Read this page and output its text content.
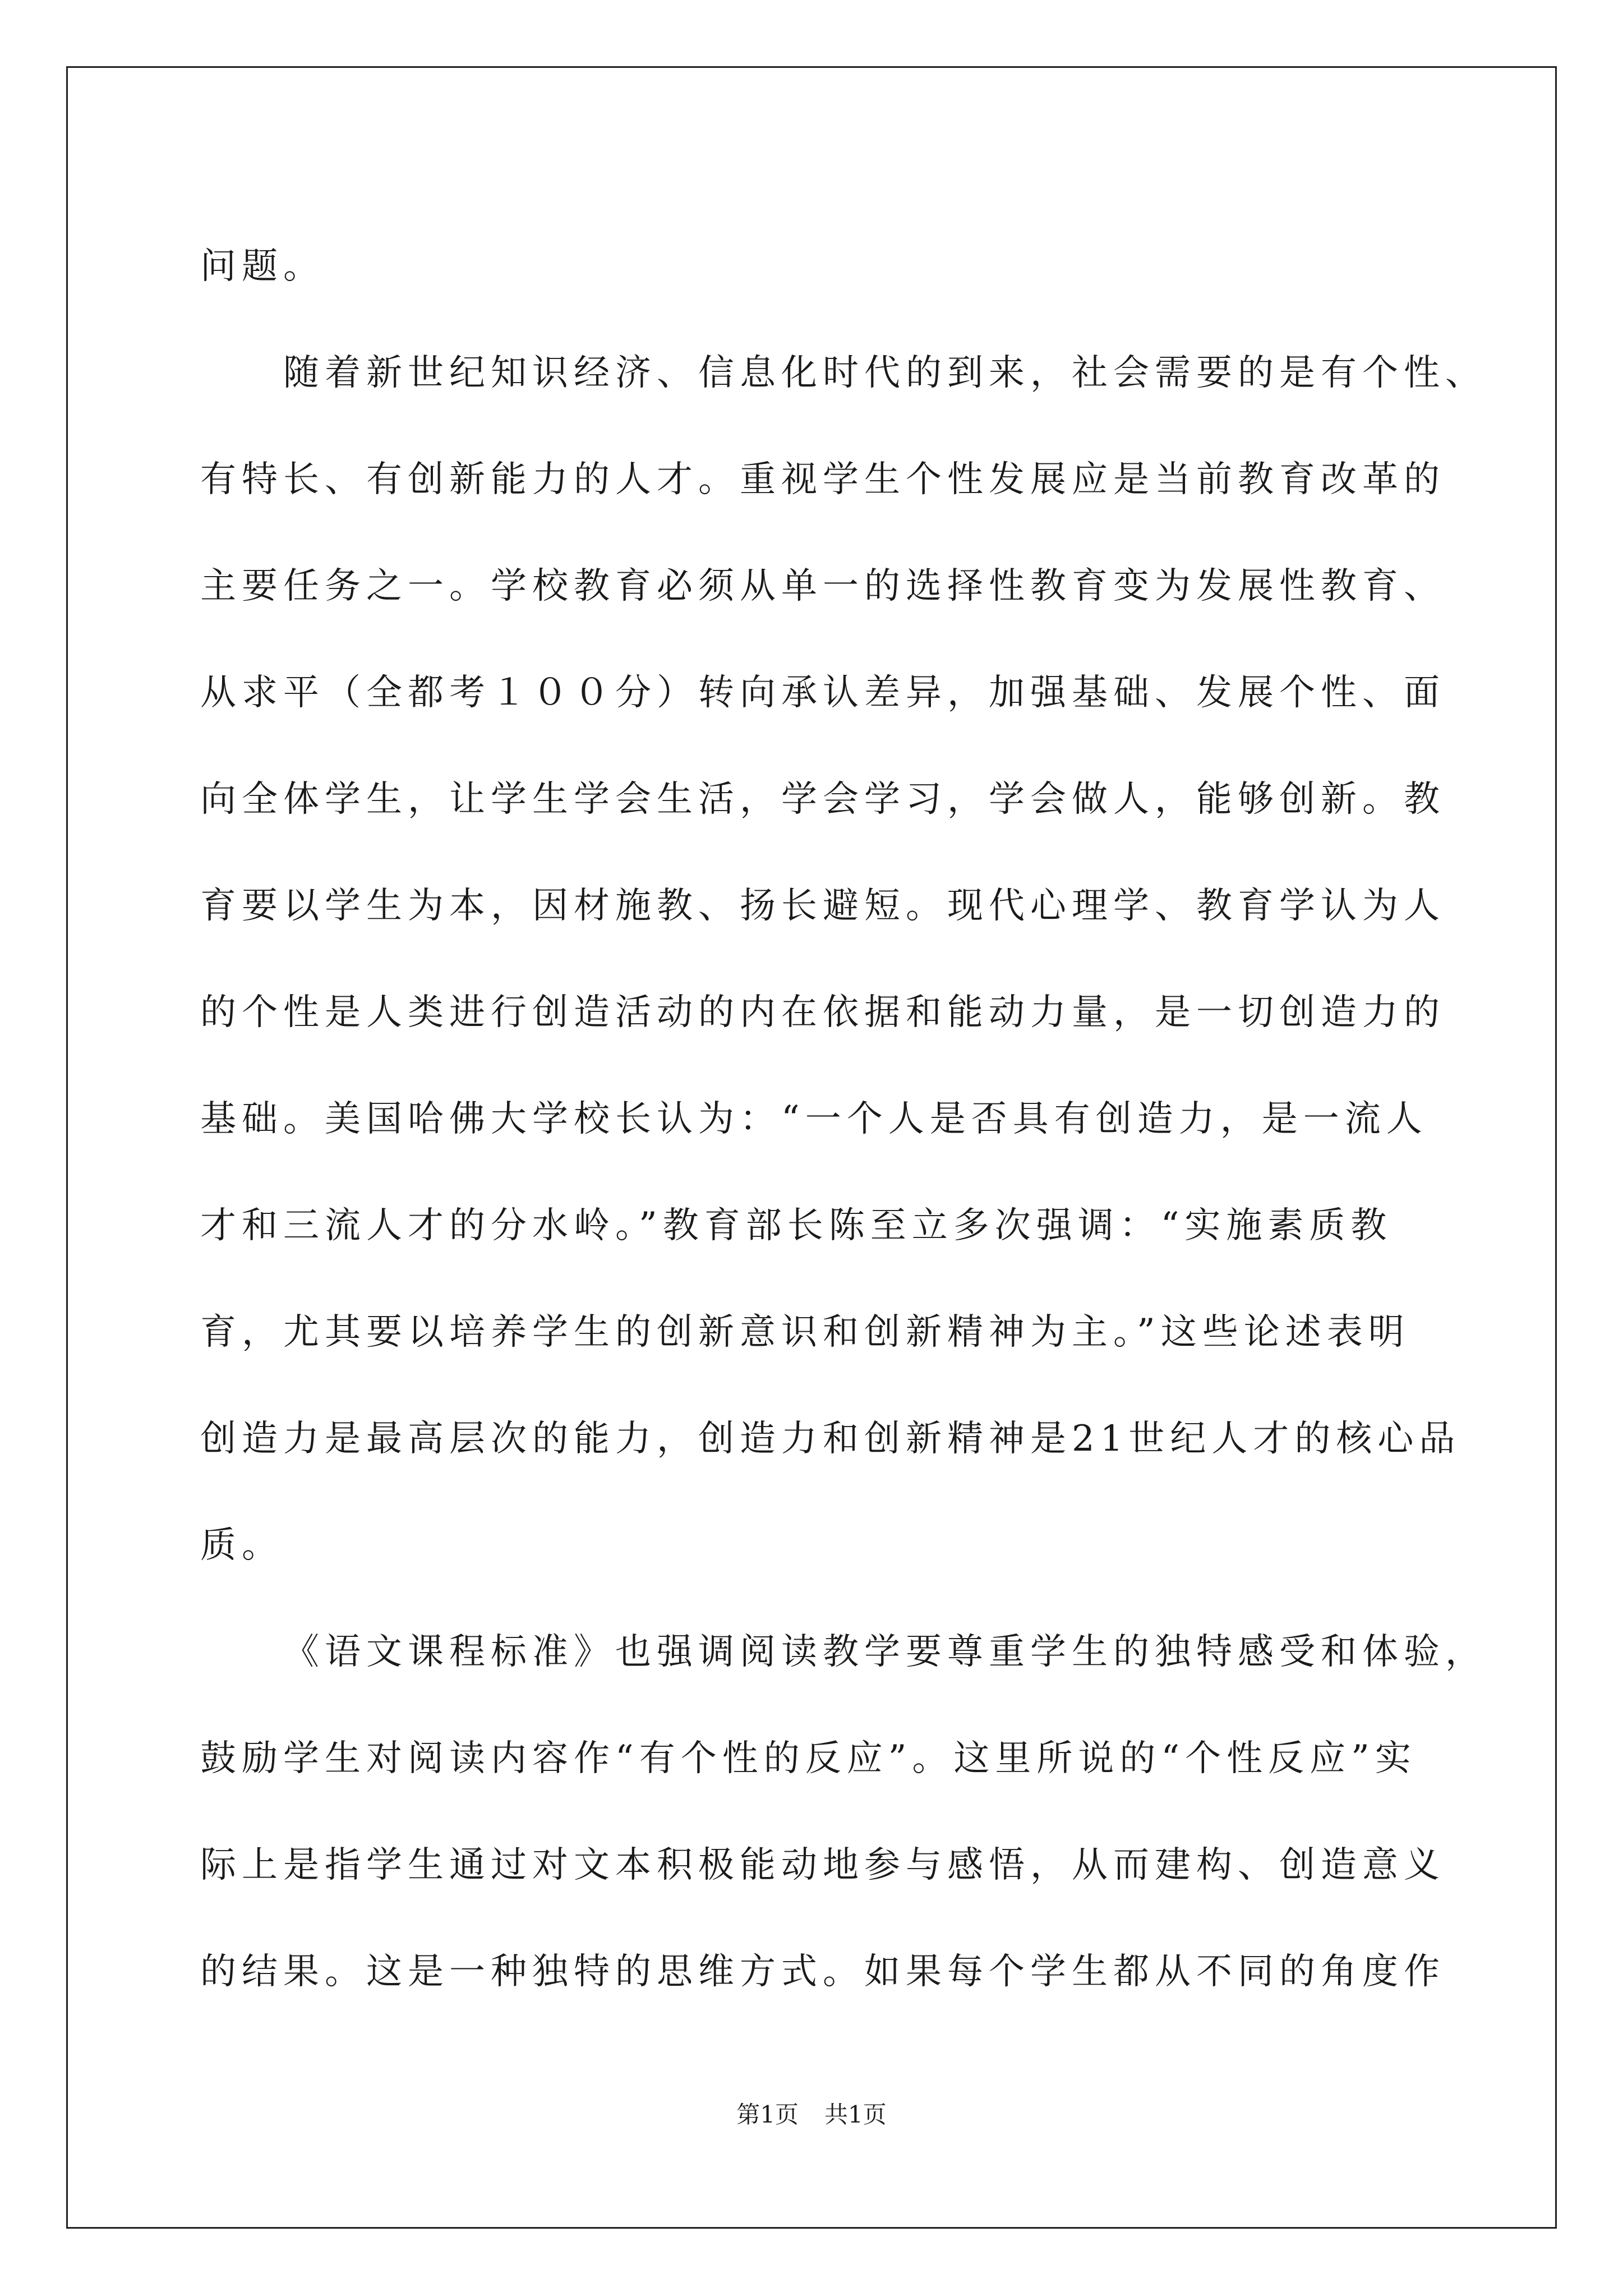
问题。
随着新世纪知识经济、信息化时代的到来，社会需要的是有个性、
有特长、有创新能力的人才。重视学生个性发展应是当前教育改革的
主要任务之一。学校教育必须从单一的选择性教育变为发展性教育、
从求平（全都考１００分）转向承认差异，加强基础、发展个性、面
向全体学生，让学生学会生活，学会学习，学会做人，能够创新。教
育要以学生为本，因材施教、扬长避短。现代心理学、教育学认为人
的个性是人类进行创造活动的内在依据和能动力量，是一切创造力的
基础。美国哈佛大学校长认为：“一个人是否具有创造力，是一流人
才和三流人才的分水岭。”教育部长陈至立多次强调：“实施素质教
育，尤其要以培养学生的创新意识和创新精神为主。”这些论述表明
创造力是最高层次的能力，创造力和创新精神是21世纪人才的核心品
质。
《语文课程标准》也强调阅读教学要尊重学生的独特感受和体验，
鼓励学生对阅读内容作“有个性的反应”。这里所说的“个性反应”实
际上是指学生通过对文本积极能动地参与感悟，从而建构、创造意义
的结果。这是一种独特的思维方式。如果每个学生都从不同的角度作
第1页 共1页
